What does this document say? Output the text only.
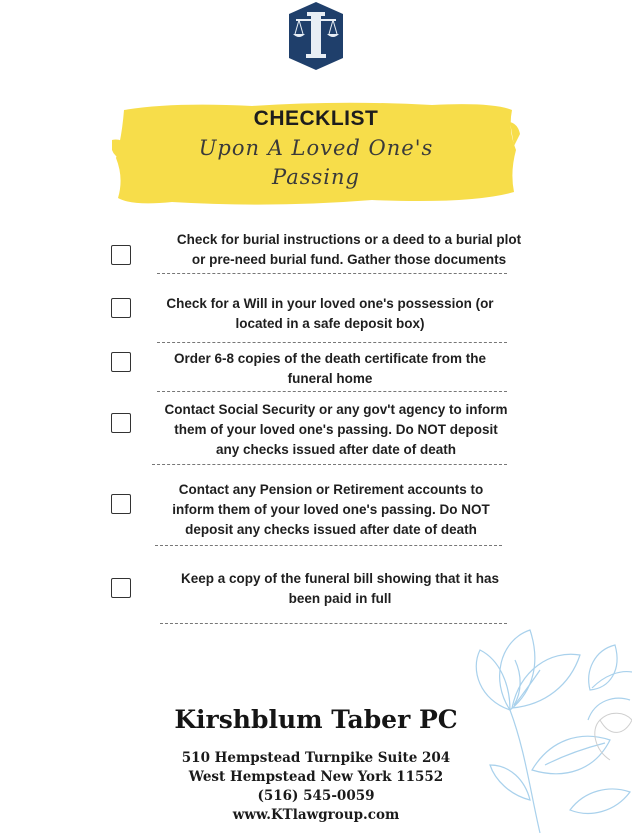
CHECKLIST
Upon A Loved One's
Passing
Check for burial instructions or a deed to a burial plot
or pre-need burial fund. Gather those documents
Check for a Will in your loved one's possession (or
located in a safe deposit box)
Order 6-8 copies of the death certificate from the
funeral home
Contact Social Security or any gov't agency to inform
them of your loved one's passing. Do NOT deposit
any checks issued after date of death
Contact any Pension or Retirement accounts to
inform them of your loved one's passing. Do NOT
deposit any checks issued after date of death
Keep a copy of the funeral bill showing that it has
been paid in full
Kirshblum Taber PC
510 Hempstead Turnpike Suite 204
West Hempstead New York 11552
(516) 545-0059
www.KTlawgroup.com
